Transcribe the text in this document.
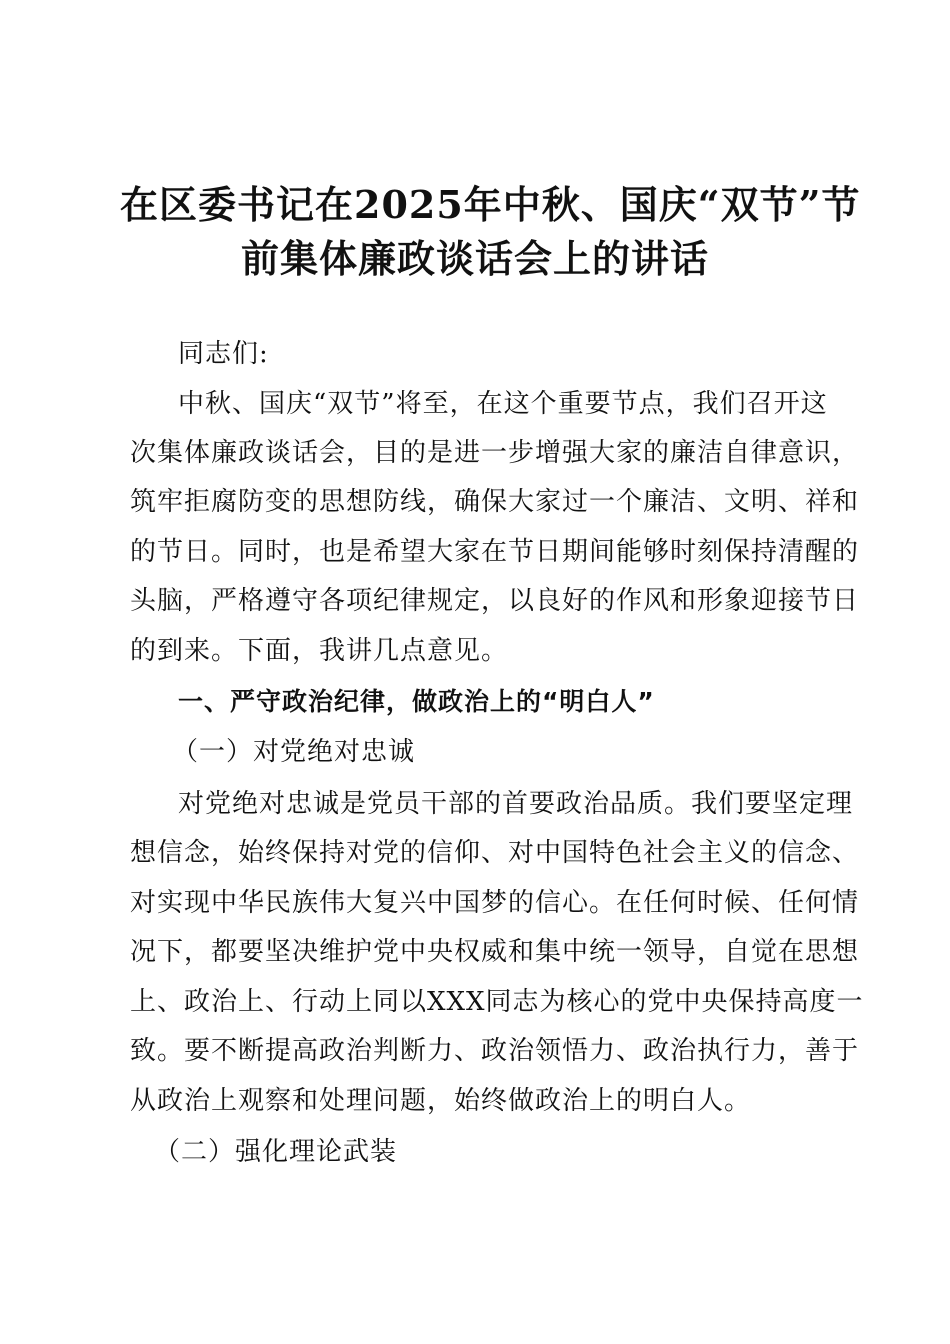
在区委书记在2025年中秋、国庆“双节”节
前集体廉政谈话会上的讲话
同志们:
中秋、国庆“双节”将至，在这个重要节点，我们召开这
次集体廉政谈话会，目的是进一步增强大家的廉洁自律意识，
筑牢拒腐防变的思想防线，确保大家过一个廉洁、文明、祥和
的节日。同时，也是希望大家在节日期间能够时刻保持清醒的
头脑，严格遵守各项纪律规定，以良好的作风和形象迎接节日
的到来。下面，我讲几点意见。
一、严守政治纪律，做政治上的“明白人”
（一）对党绝对忠诚
对党绝对忠诚是党员干部的首要政治品质。我们要坚定理
想信念，始终保持对党的信仰、对中国特色社会主义的信念、
对实现中华民族伟大复兴中国梦的信心。在任何时候、任何情
况下，都要坚决维护党中央权威和集中统一领导，自觉在思想
上、政治上、行动上同以XXX同志为核心的党中央保持高度一
致。要不断提高政治判断力、政治领悟力、政治执行力，善于
从政治上观察和处理问题，始终做政治上的明白人。
（二）强化理论武装
